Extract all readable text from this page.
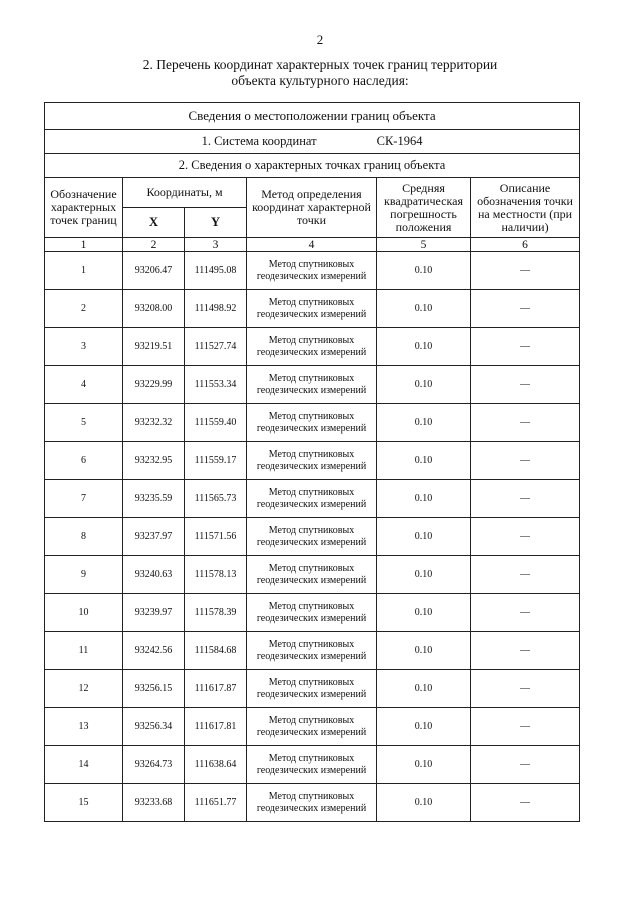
2
2. Перечень координат характерных точек границ территории
объекта культурного наследия:
Сведения о местоположении границ объекта					
1. Система координат СК-1964					
2. Сведения о характерных точках границ объекта					
Обозначение характерных точек границ	Координаты, м		Метод определения координат характерной точки	Средняя квадратическая погрешность положения	Описание обозначения точки на местности (при наличии)
	X	Y			
1	2	3	4	5	6
1	93206.47	111495.08	Метод спутниковых геодезических измерений	0.10	—
2	93208.00	111498.92	Метод спутниковых геодезических измерений	0.10	—
3	93219.51	111527.74	Метод спутниковых геодезических измерений	0.10	—
4	93229.99	111553.34	Метод спутниковых геодезических измерений	0.10	—
5	93232.32	111559.40	Метод спутниковых геодезических измерений	0.10	—
6	93232.95	111559.17	Метод спутниковых геодезических измерений	0.10	—
7	93235.59	111565.73	Метод спутниковых геодезических измерений	0.10	—
8	93237.97	111571.56	Метод спутниковых геодезических измерений	0.10	—
9	93240.63	111578.13	Метод спутниковых геодезических измерений	0.10	—
10	93239.97	111578.39	Метод спутниковых геодезических измерений	0.10	—
11	93242.56	111584.68	Метод спутниковых геодезических измерений	0.10	—
12	93256.15	111617.87	Метод спутниковых геодезических измерений	0.10	—
13	93256.34	111617.81	Метод спутниковых геодезических измерений	0.10	—
14	93264.73	111638.64	Метод спутниковых геодезических измерений	0.10	—
15	93233.68	111651.77	Метод спутниковых геодезических измерений	0.10	—
